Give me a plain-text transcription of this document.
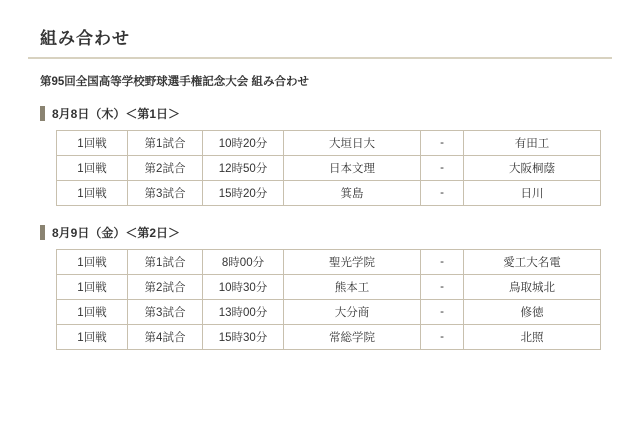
組み合わせ
第95回全国高等学校野球選手権記念大会 組み合わせ
8月8日（木）＜第1日＞
1回戦	第1試合	10時20分	大垣日大	-	有田工
1回戦	第2試合	12時50分	日本文理	-	大阪桐蔭
1回戦	第3試合	15時20分	箕島	-	日川
8月9日（金）＜第2日＞
1回戦	第1試合	8時00分	聖光学院	-	愛工大名電
1回戦	第2試合	10時30分	熊本工	-	鳥取城北
1回戦	第3試合	13時00分	大分商	-	修徳
1回戦	第4試合	15時30分	常総学院	-	北照
